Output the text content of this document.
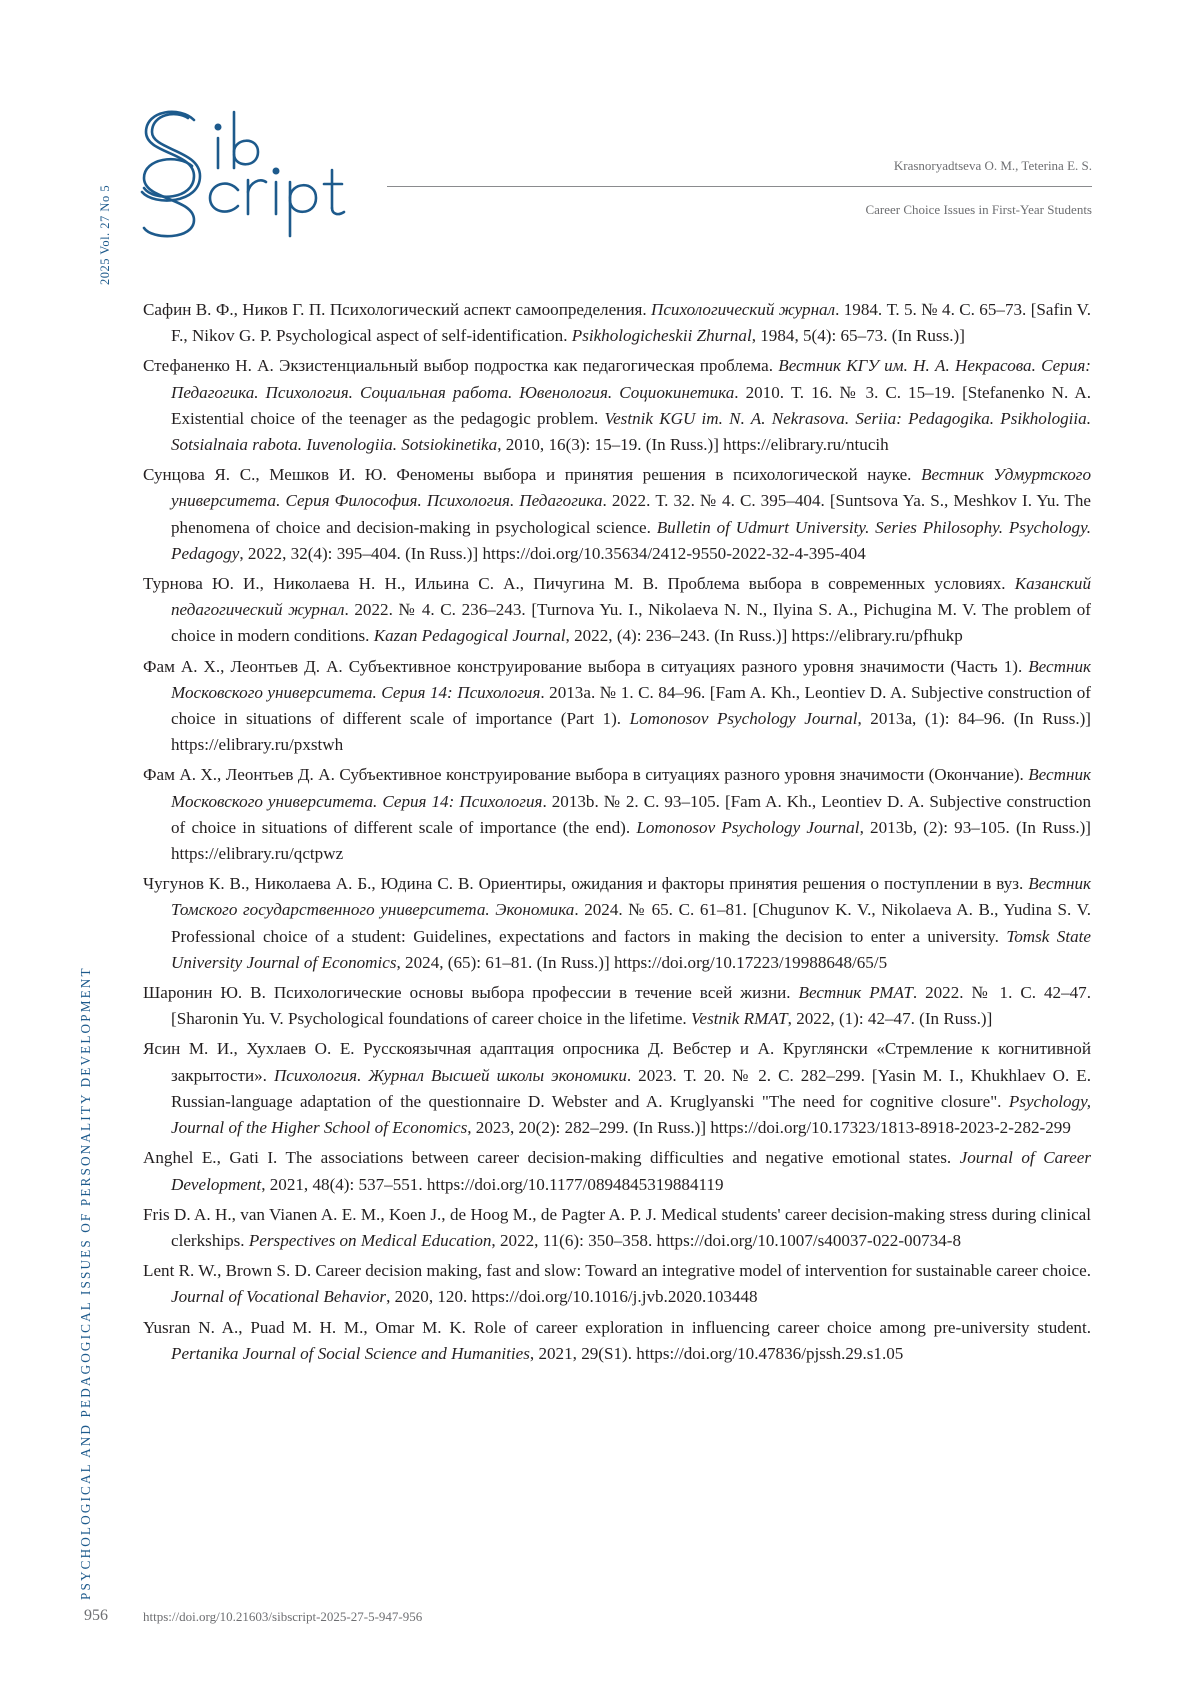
2025 Vol. 27 No 5
PSYCHOLOGICAL AND PEDAGOGICAL ISSUES OF PERSONALITY DEVELOPMENT
Krasnoryadtseva O. M., Teterina E. S.
Career Choice Issues in First-Year Students

Сафин В. Ф., Ников Г. П. Психологический аспект самоопределения. Психологический журнал. 1984. Т. 5. № 4. С. 65–73. [Safin V. F., Nikov G. P. Psychological aspect of self-identification. Psikhologicheskii Zhurnal, 1984, 5(4): 65–73. (In Russ.)]

Стефаненко Н. А. Экзистенциальный выбор подростка как педагогическая проблема. Вестник КГУ им. Н. А. Некрасова. Серия: Педагогика. Психология. Социальная работа. Ювенология. Социокинетика. 2010. Т. 16. № 3. С. 15–19. [Stefanenko N. A. Existential choice of the teenager as the pedagogic problem. Vestnik KGU im. N. A. Nekrasova. Seriia: Pedagogika. Psikhologiia. Sotsialnaia rabota. Iuvenologiia. Sotsiokinetika, 2010, 16(3): 15–19. (In Russ.)] https://elibrary.ru/ntucih

Сунцова Я. С., Мешков И. Ю. Феномены выбора и принятия решения в психологической науке. Вестник Удмуртского университета. Серия Философия. Психология. Педагогика. 2022. Т. 32. № 4. С. 395–404. [Suntsova Ya. S., Meshkov I. Yu. The phenomena of choice and decision-making in psychological science. Bulletin of Udmurt University. Series Philosophy. Psychology. Pedagogy, 2022, 32(4): 395–404. (In Russ.)] https://doi.org/10.35634/2412-9550-2022-32-4-395-404

Турнова Ю. И., Николаева Н. Н., Ильина С. А., Пичугина М. В. Проблема выбора в современных условиях. Казанский педагогический журнал. 2022. № 4. С. 236–243. [Turnova Yu. I., Nikolaeva N. N., Ilyina S. A., Pichugina M. V. The problem of choice in modern conditions. Kazan Pedagogical Journal, 2022, (4): 236–243. (In Russ.)] https://elibrary.ru/pfhukp

Фам А. Х., Леонтьев Д. А. Субъективное конструирование выбора в ситуациях разного уровня значимости (Часть 1). Вестник Московского университета. Серия 14: Психология. 2013a. № 1. С. 84–96. [Fam A. Kh., Leontiev D. A. Subjective construction of choice in situations of different scale of importance (Part 1). Lomonosov Psychology Journal, 2013a, (1): 84–96. (In Russ.)] https://elibrary.ru/pxstwh

Фам А. Х., Леонтьев Д. А. Субъективное конструирование выбора в ситуациях разного уровня значимости (Окончание). Вестник Московского университета. Серия 14: Психология. 2013b. № 2. С. 93–105. [Fam A. Kh., Leontiev D. A. Subjective construction of choice in situations of different scale of importance (the end). Lomonosov Psychology Journal, 2013b, (2): 93–105. (In Russ.)] https://elibrary.ru/qctpwz

Чугунов К. В., Николаева А. Б., Юдина С. В. Ориентиры, ожидания и факторы принятия решения о поступлении в вуз. Вестник Томского государственного университета. Экономика. 2024. № 65. С. 61–81. [Chugunov K. V., Nikolaeva A. B., Yudina S. V. Professional choice of a student: Guidelines, expectations and factors in making the decision to enter a university. Tomsk State University Journal of Economics, 2024, (65): 61–81. (In Russ.)] https://doi.org/10.17223/19988648/65/5

Шаронин Ю. В. Психологические основы выбора профессии в течение всей жизни. Вестник РМАТ. 2022. № 1. С. 42–47. [Sharonin Yu. V. Psychological foundations of career choice in the lifetime. Vestnik RMAT, 2022, (1): 42–47. (In Russ.)]

Ясин М. И., Хухлаев О. Е. Русскоязычная адаптация опросника Д. Вебстер и А. Круглянски «Стремление к когнитивной закрытости». Психология. Журнал Высшей школы экономики. 2023. Т. 20. № 2. С. 282–299. [Yasin M. I., Khukhlaev O. E. Russian-language adaptation of the questionnaire D. Webster and A. Kruglyanski "The need for cognitive closure". Psychology, Journal of the Higher School of Economics, 2023, 20(2): 282–299. (In Russ.)] https://doi.org/10.17323/1813-8918-2023-2-282-299

Anghel E., Gati I. The associations between career decision-making difficulties and negative emotional states. Journal of Career Development, 2021, 48(4): 537–551. https://doi.org/10.1177/0894845319884119

Fris D. A. H., van Vianen A. E. M., Koen J., de Hoog M., de Pagter A. P. J. Medical students' career decision-making stress during clinical clerkships. Perspectives on Medical Education, 2022, 11(6): 350–358. https://doi.org/10.1007/s40037-022-00734-8

Lent R. W., Brown S. D. Career decision making, fast and slow: Toward an integrative model of intervention for sustainable career choice. Journal of Vocational Behavior, 2020, 120. https://doi.org/10.1016/j.jvb.2020.103448

Yusran N. A., Puad M. H. M., Omar M. K. Role of career exploration in influencing career choice among pre-university student. Pertanika Journal of Social Science and Humanities, 2021, 29(S1). https://doi.org/10.47836/pjssh.29.s1.05

956	https://doi.org/10.21603/sibscript-2025-27-5-947-956
